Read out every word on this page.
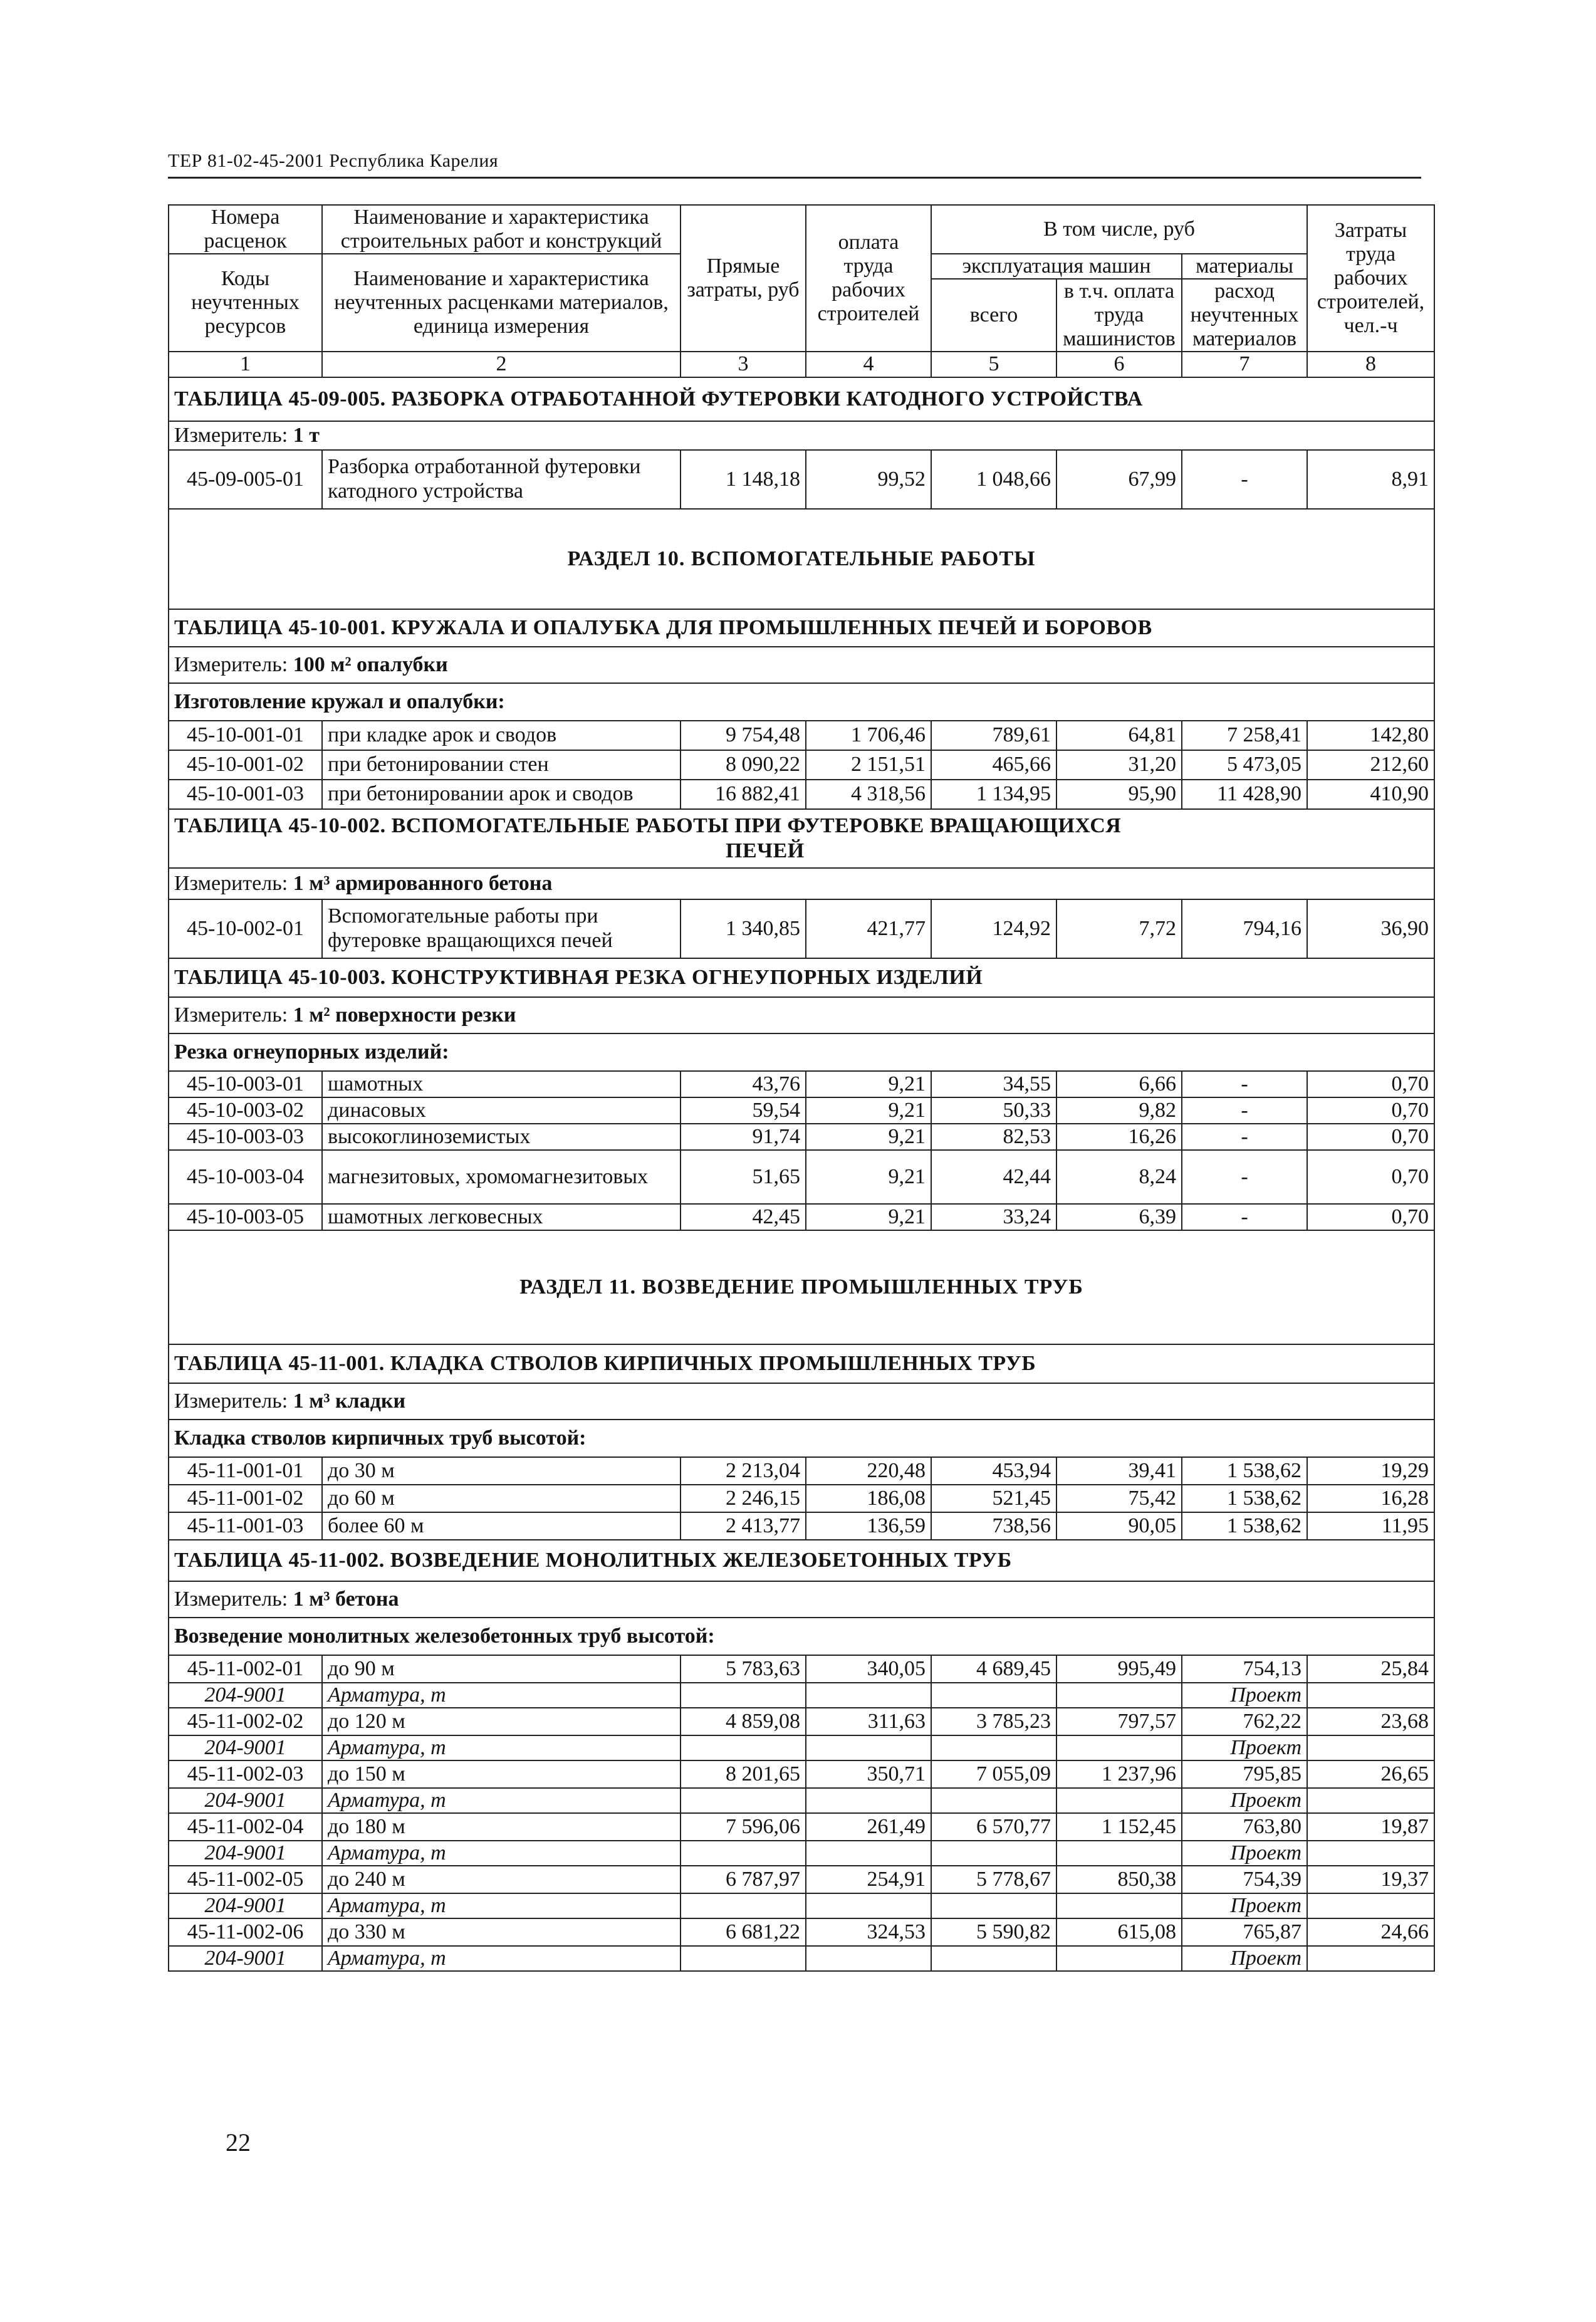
ТЕР 81-02-45-2001 Республика Карелия
Номера расценок	Наименование и характеристика строительных работ и конструкций	Прямые затраты, руб	оплата труда рабочих строителей	В том числе, руб			Затраты труда рабочих строителей, чел.-ч
Коды неучтенных ресурсов	Наименование и характеристика неучтенных расценками материалов, единица измерения			эксплуатация машин		материалы	
				всего	в т.ч. оплата труда машинистов	расход неучтенных материалов	
1	2	3	4	5	6	7	8
ТАБЛИЦА 45-09-005. РАЗБОРКА ОТРАБОТАННОЙ ФУТЕРОВКИ КАТОДНОГО УСТРОЙСТВА							
Измеритель: 1 т							
45-09-005-01	Разборка отработанной футеровки катодного устройства	1 148,18	99,52	1 048,66	67,99	-	8,91
РАЗДЕЛ 10. ВСПОМОГАТЕЛЬНЫЕ РАБОТЫ							
ТАБЛИЦА 45-10-001. КРУЖАЛА И ОПАЛУБКА ДЛЯ ПРОМЫШЛЕННЫХ ПЕЧЕЙ И БОРОВОВ							
Измеритель: 100 м² опалубки							
Изготовление кружал и опалубки:							
45-10-001-01	при кладке арок и сводов	9 754,48	1 706,46	789,61	64,81	7 258,41	142,80
45-10-001-02	при бетонировании стен	8 090,22	2 151,51	465,66	31,20	5 473,05	212,60
45-10-001-03	при бетонировании арок и сводов	16 882,41	4 318,56	1 134,95	95,90	11 428,90	410,90
ТАБЛИЦА 45-10-002. ВСПОМОГАТЕЛЬНЫЕ РАБОТЫ ПРИ ФУТЕРОВКЕ ВРАЩАЮЩИХСЯ
ПЕЧЕЙ							
Измеритель: 1 м³ армированного бетона							
45-10-002-01	Вспомогательные работы при футеровке вращающихся печей	1 340,85	421,77	124,92	7,72	794,16	36,90
ТАБЛИЦА 45-10-003. КОНСТРУКТИВНАЯ РЕЗКА ОГНЕУПОРНЫХ ИЗДЕЛИЙ							
Измеритель: 1 м² поверхности резки							
Резка огнеупорных изделий:							
45-10-003-01	шамотных	43,76	9,21	34,55	6,66	-	0,70
45-10-003-02	динасовых	59,54	9,21	50,33	9,82	-	0,70
45-10-003-03	высокоглиноземистых	91,74	9,21	82,53	16,26	-	0,70
45-10-003-04	магнезитовых, хромомагнезитовых	51,65	9,21	42,44	8,24	-	0,70
45-10-003-05	шамотных легковесных	42,45	9,21	33,24	6,39	-	0,70
РАЗДЕЛ 11. ВОЗВЕДЕНИЕ ПРОМЫШЛЕННЫХ ТРУБ							
ТАБЛИЦА 45-11-001. КЛАДКА СТВОЛОВ КИРПИЧНЫХ ПРОМЫШЛЕННЫХ ТРУБ							
Измеритель: 1 м³ кладки							
Кладка стволов кирпичных труб высотой:							
45-11-001-01	до 30 м	2 213,04	220,48	453,94	39,41	1 538,62	19,29
45-11-001-02	до 60 м	2 246,15	186,08	521,45	75,42	1 538,62	16,28
45-11-001-03	более 60 м	2 413,77	136,59	738,56	90,05	1 538,62	11,95
ТАБЛИЦА 45-11-002. ВОЗВЕДЕНИЕ МОНОЛИТНЫХ ЖЕЛЕЗОБЕТОННЫХ ТРУБ							
Измеритель: 1 м³ бетона							
Возведение монолитных железобетонных труб высотой:							
45-11-002-01	до 90 м	5 783,63	340,05	4 689,45	995,49	754,13	25,84
204-9001	Арматура, т					Проект	
45-11-002-02	до 120 м	4 859,08	311,63	3 785,23	797,57	762,22	23,68
204-9001	Арматура, т					Проект	
45-11-002-03	до 150 м	8 201,65	350,71	7 055,09	1 237,96	795,85	26,65
204-9001	Арматура, т					Проект	
45-11-002-04	до 180 м	7 596,06	261,49	6 570,77	1 152,45	763,80	19,87
204-9001	Арматура, т					Проект	
45-11-002-05	до 240 м	6 787,97	254,91	5 778,67	850,38	754,39	19,37
204-9001	Арматура, т					Проект	
45-11-002-06	до 330 м	6 681,22	324,53	5 590,82	615,08	765,87	24,66
204-9001	Арматура, т					Проект	
22
